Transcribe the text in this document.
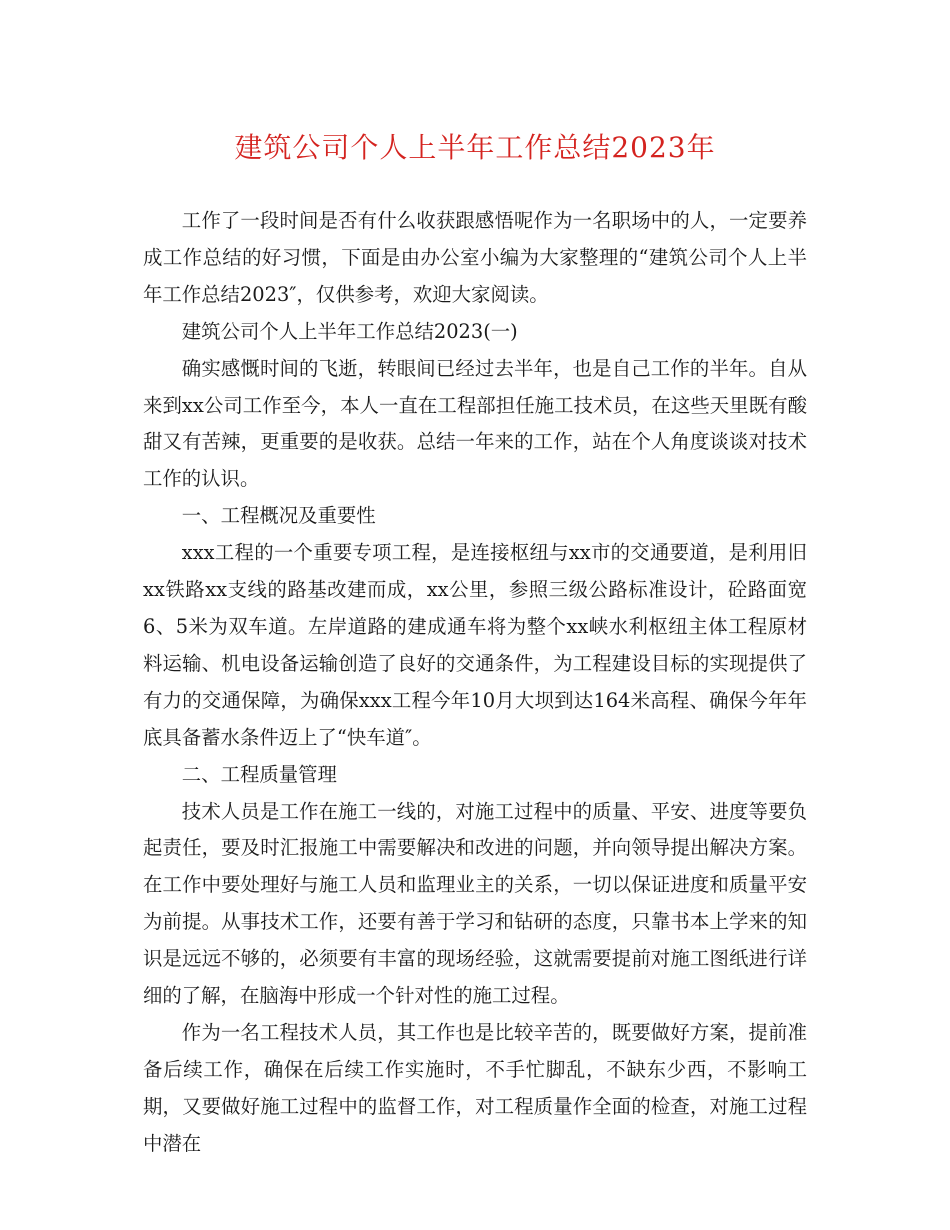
建筑公司个人上半年工作总结2023年

工作了一段时间是否有什么收获跟感悟呢作为一名职场中的人，一定要养成工作总结的好习惯，下面是由办公室小编为大家整理的“建筑公司个人上半年工作总结2023″，仅供参考，欢迎大家阅读。

建筑公司个人上半年工作总结2023(一)

确实感慨时间的飞逝，转眼间已经过去半年，也是自己工作的半年。自从来到xx公司工作至今，本人一直在工程部担任施工技术员，在这些天里既有酸甜又有苦辣，更重要的是收获。总结一年来的工作，站在个人角度谈谈对技术工作的认识。

一、工程概况及重要性

xxx工程的一个重要专项工程，是连接枢纽与xx市的交通要道，是利用旧xx铁路xx支线的路基改建而成，xx公里，参照三级公路标准设计，砼路面宽6、5米为双车道。左岸道路的建成通车将为整个xx峡水利枢纽主体工程原材料运输、机电设备运输创造了良好的交通条件，为工程建设目标的实现提供了有力的交通保障，为确保xxx工程今年10月大坝到达164米高程、确保今年年底具备蓄水条件迈上了“快车道″。

二、工程质量管理

技术人员是工作在施工一线的，对施工过程中的质量、平安、进度等要负起责任，要及时汇报施工中需要解决和改进的问题，并向领导提出解决方案。在工作中要处理好与施工人员和监理业主的关系，一切以保证进度和质量平安为前提。从事技术工作，还要有善于学习和钻研的态度，只靠书本上学来的知识是远远不够的，必须要有丰富的现场经验，这就需要提前对施工图纸进行详细的了解，在脑海中形成一个针对性的施工过程。

作为一名工程技术人员，其工作也是比较辛苦的，既要做好方案，提前准备后续工作，确保在后续工作实施时，不手忙脚乱，不缺东少西，不影响工期，又要做好施工过程中的监督工作，对工程质量作全面的检查，对施工过程中潜在
